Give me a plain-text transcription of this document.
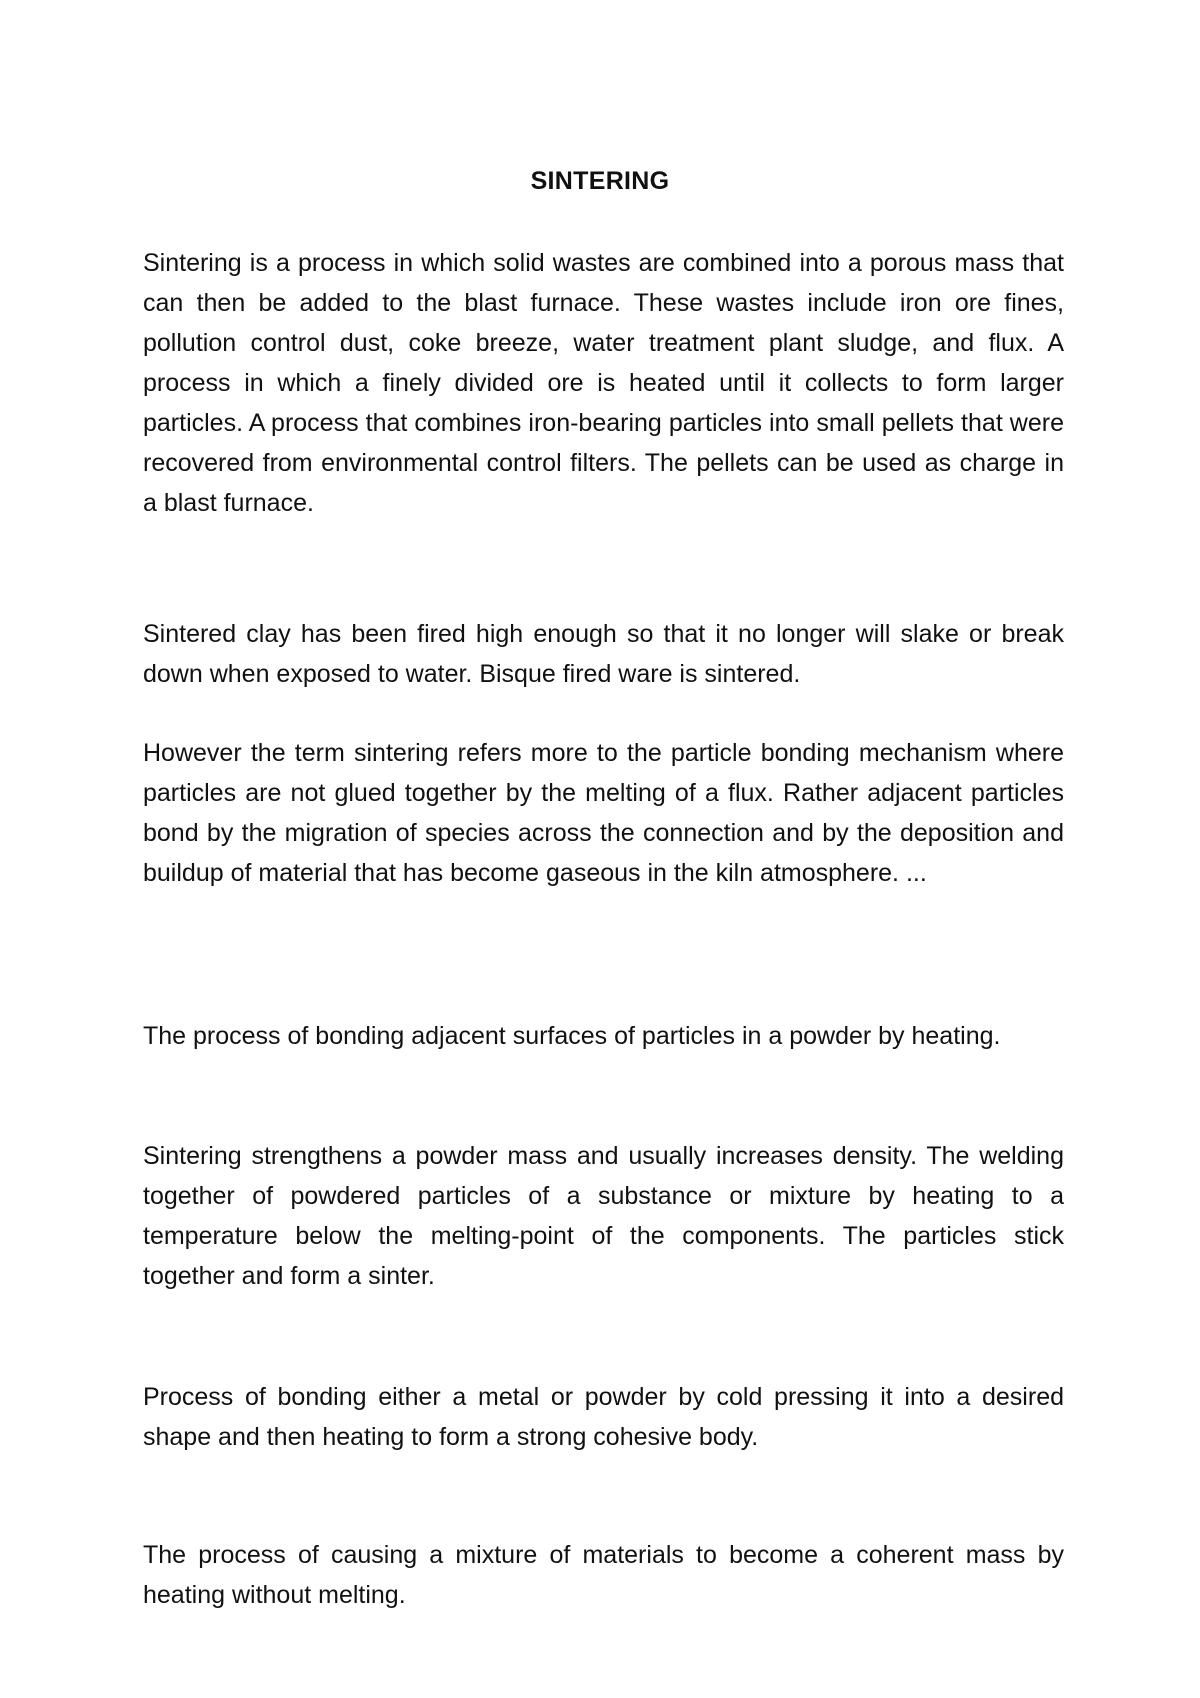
SINTERING

Sintering is a process in which solid wastes are combined into a porous mass that can then be added to the blast furnace. These wastes include iron ore fines, pollution control dust, coke breeze, water treatment plant sludge, and flux. A process in which a finely divided ore is heated until it collects to form larger particles. A process that combines iron-bearing particles into small pellets that were recovered from environmental control filters. The pellets can be used as charge in a blast furnace.

Sintered clay has been fired high enough so that it no longer will slake or break down when exposed to water. Bisque fired ware is sintered.

However the term sintering refers more to the particle bonding mechanism where particles are not glued together by the melting of a flux. Rather adjacent particles bond by the migration of species across the connection and by the deposition and buildup of material that has become gaseous in the kiln atmosphere. ...

The process of bonding adjacent surfaces of particles in a powder by heating.

Sintering strengthens a powder mass and usually increases density. The welding together of powdered particles of a substance or mixture by heating to a temperature below the melting-point of the components. The particles stick together and form a sinter.

Process of bonding either a metal or powder by cold pressing it into a desired shape and then heating to form a strong cohesive body.

The process of causing a mixture of materials to become a coherent mass by heating without melting.
